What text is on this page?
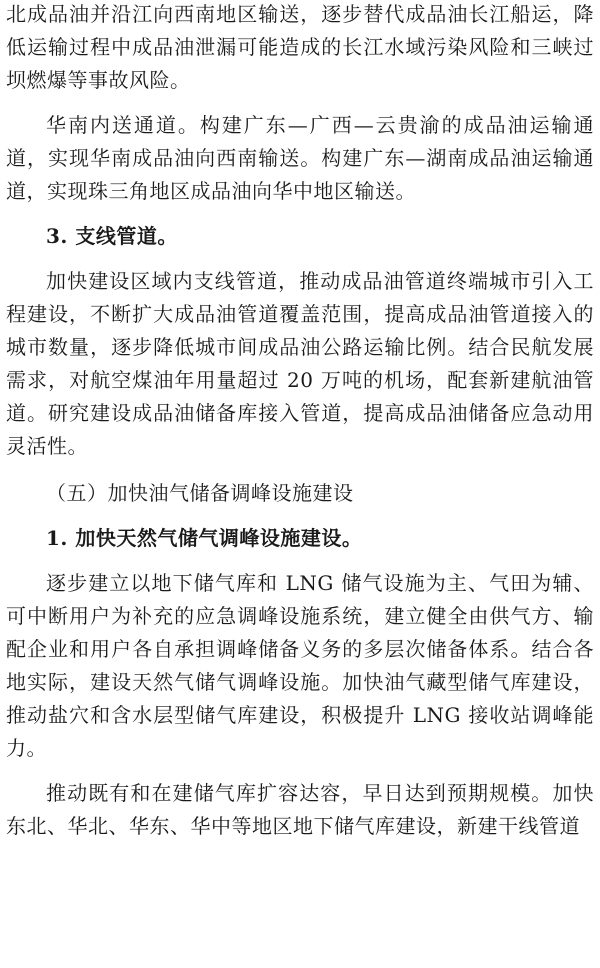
北成品油并沿江向西南地区输送，逐步替代成品油长江船运，降低运输过程中成品油泄漏可能造成的长江水域污染风险和三峡过坝燃爆等事故风险。

华南内送通道。构建广东—广西—云贵渝的成品油运输通道，实现华南成品油向西南输送。构建广东—湖南成品油运输通道，实现珠三角地区成品油向华中地区输送。

3. 支线管道。

加快建设区域内支线管道，推动成品油管道终端城市引入工程建设，不断扩大成品油管道覆盖范围，提高成品油管道接入的城市数量，逐步降低城市间成品油公路运输比例。结合民航发展需求，对航空煤油年用量超过 20 万吨的机场，配套新建航油管道。研究建设成品油储备库接入管道，提高成品油储备应急动用灵活性。

（五）加快油气储备调峰设施建设

1. 加快天然气储气调峰设施建设。

逐步建立以地下储气库和 LNG 储气设施为主、气田为辅、可中断用户为补充的应急调峰设施系统，建立健全由供气方、输配企业和用户各自承担调峰储备义务的多层次储备体系。结合各地实际，建设天然气储气调峰设施。加快油气藏型储气库建设，推动盐穴和含水层型储气库建设，积极提升 LNG 接收站调峰能力。

推动既有和在建储气库扩容达容，早日达到预期规模。加快东北、华北、华东、华中等地区地下储气库建设，新建干线管道
